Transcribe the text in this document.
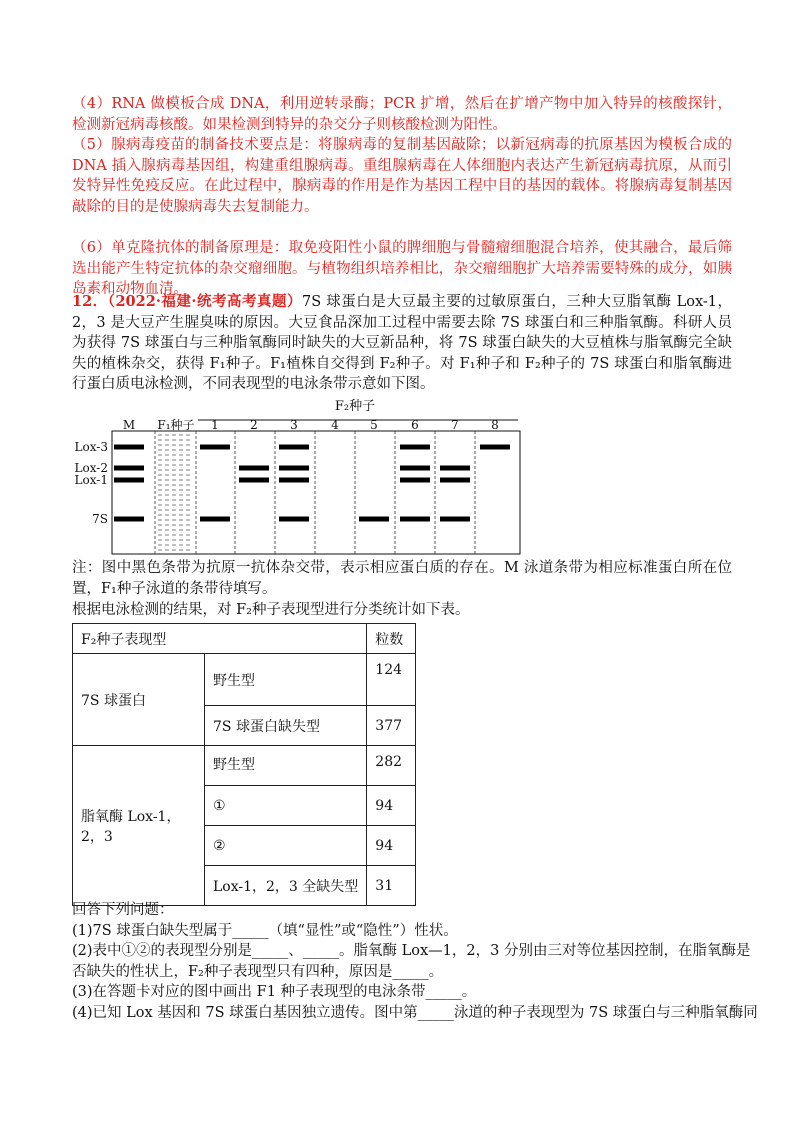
（4）RNA 做模板合成 DNA，利用逆转录酶；PCR 扩增，然后在扩增产物中加入特异的核酸探针，检测新冠病毒核酸。如果检测到特异的杂交分子则核酸检测为阳性。
（5）腺病毒疫苗的制备技术要点是：将腺病毒的复制基因敲除；以新冠病毒的抗原基因为模板合成的 DNA 插入腺病毒基因组，构建重组腺病毒。重组腺病毒在人体细胞内表达产生新冠病毒抗原，从而引发特异性免疫反应。在此过程中，腺病毒的作用是作为基因工程中目的基因的载体。将腺病毒复制基因敲除的目的是使腺病毒失去复制能力。
（6）单克隆抗体的制备原理是：取免疫阳性小鼠的脾细胞与骨髓瘤细胞混合培养，使其融合，最后筛选出能产生特定抗体的杂交瘤细胞。与植物组织培养相比，杂交瘤细胞扩大培养需要特殊的成分，如胰岛素和动物血清。
12．（2022·福建·统考高考真题）7S 球蛋白是大豆最主要的过敏原蛋白，三种大豆脂氧酶 Lox-1，2，3 是大豆产生腥臭味的原因。大豆食品深加工过程中需要去除 7S 球蛋白和三种脂氧酶。科研人员为获得 7S 球蛋白与三种脂氧酶同时缺失的大豆新品种，将 7S 球蛋白缺失的大豆植株与脂氧酶完全缺失的植株杂交，获得 F₁种子。F₁植株自交得到 F₂种子。对 F₁种子和 F₂种子的 7S 球蛋白和脂氧酶进行蛋白质电泳检测，不同表现型的电泳条带示意如下图。
F₂种子
M F₁种子 1	2	3	4	5	6	7	8
Lox-3
Lox-2
Lox-1
7S
注：图中黑色条带为抗原一抗体杂交带，表示相应蛋白质的存在。M 泳道条带为相应标准蛋白所在位置，F₁种子泳道的条带待填写。
根据电泳检测的结果，对 F₂种子表现型进行分类统计如下表。
F₂种子表现型		粒数
7S 球蛋白	野生型	124
	7S 球蛋白缺失型	377
脂氧酶 Lox-1，2，3	野生型	282
	①	94
	②	94
	Lox-1，2，3 全缺失型	31
回答下列问题：
(1)7S 球蛋白缺失型属于_____（填“显性”或“隐性”）性状。
(2)表中①②的表现型分别是_____、_____。脂氧酶 Lox—1，2，3 分别由三对等位基因控制，在脂氧酶是
否缺失的性状上，F₂种子表现型只有四种，原因是_____。
(3)在答题卡对应的图中画出 F1 种子表现型的电泳条带_____。
(4)已知 Lox 基因和 7S 球蛋白基因独立遗传。图中第_____泳道的种子表现型为 7S 球蛋白与三种脂氧酶同
